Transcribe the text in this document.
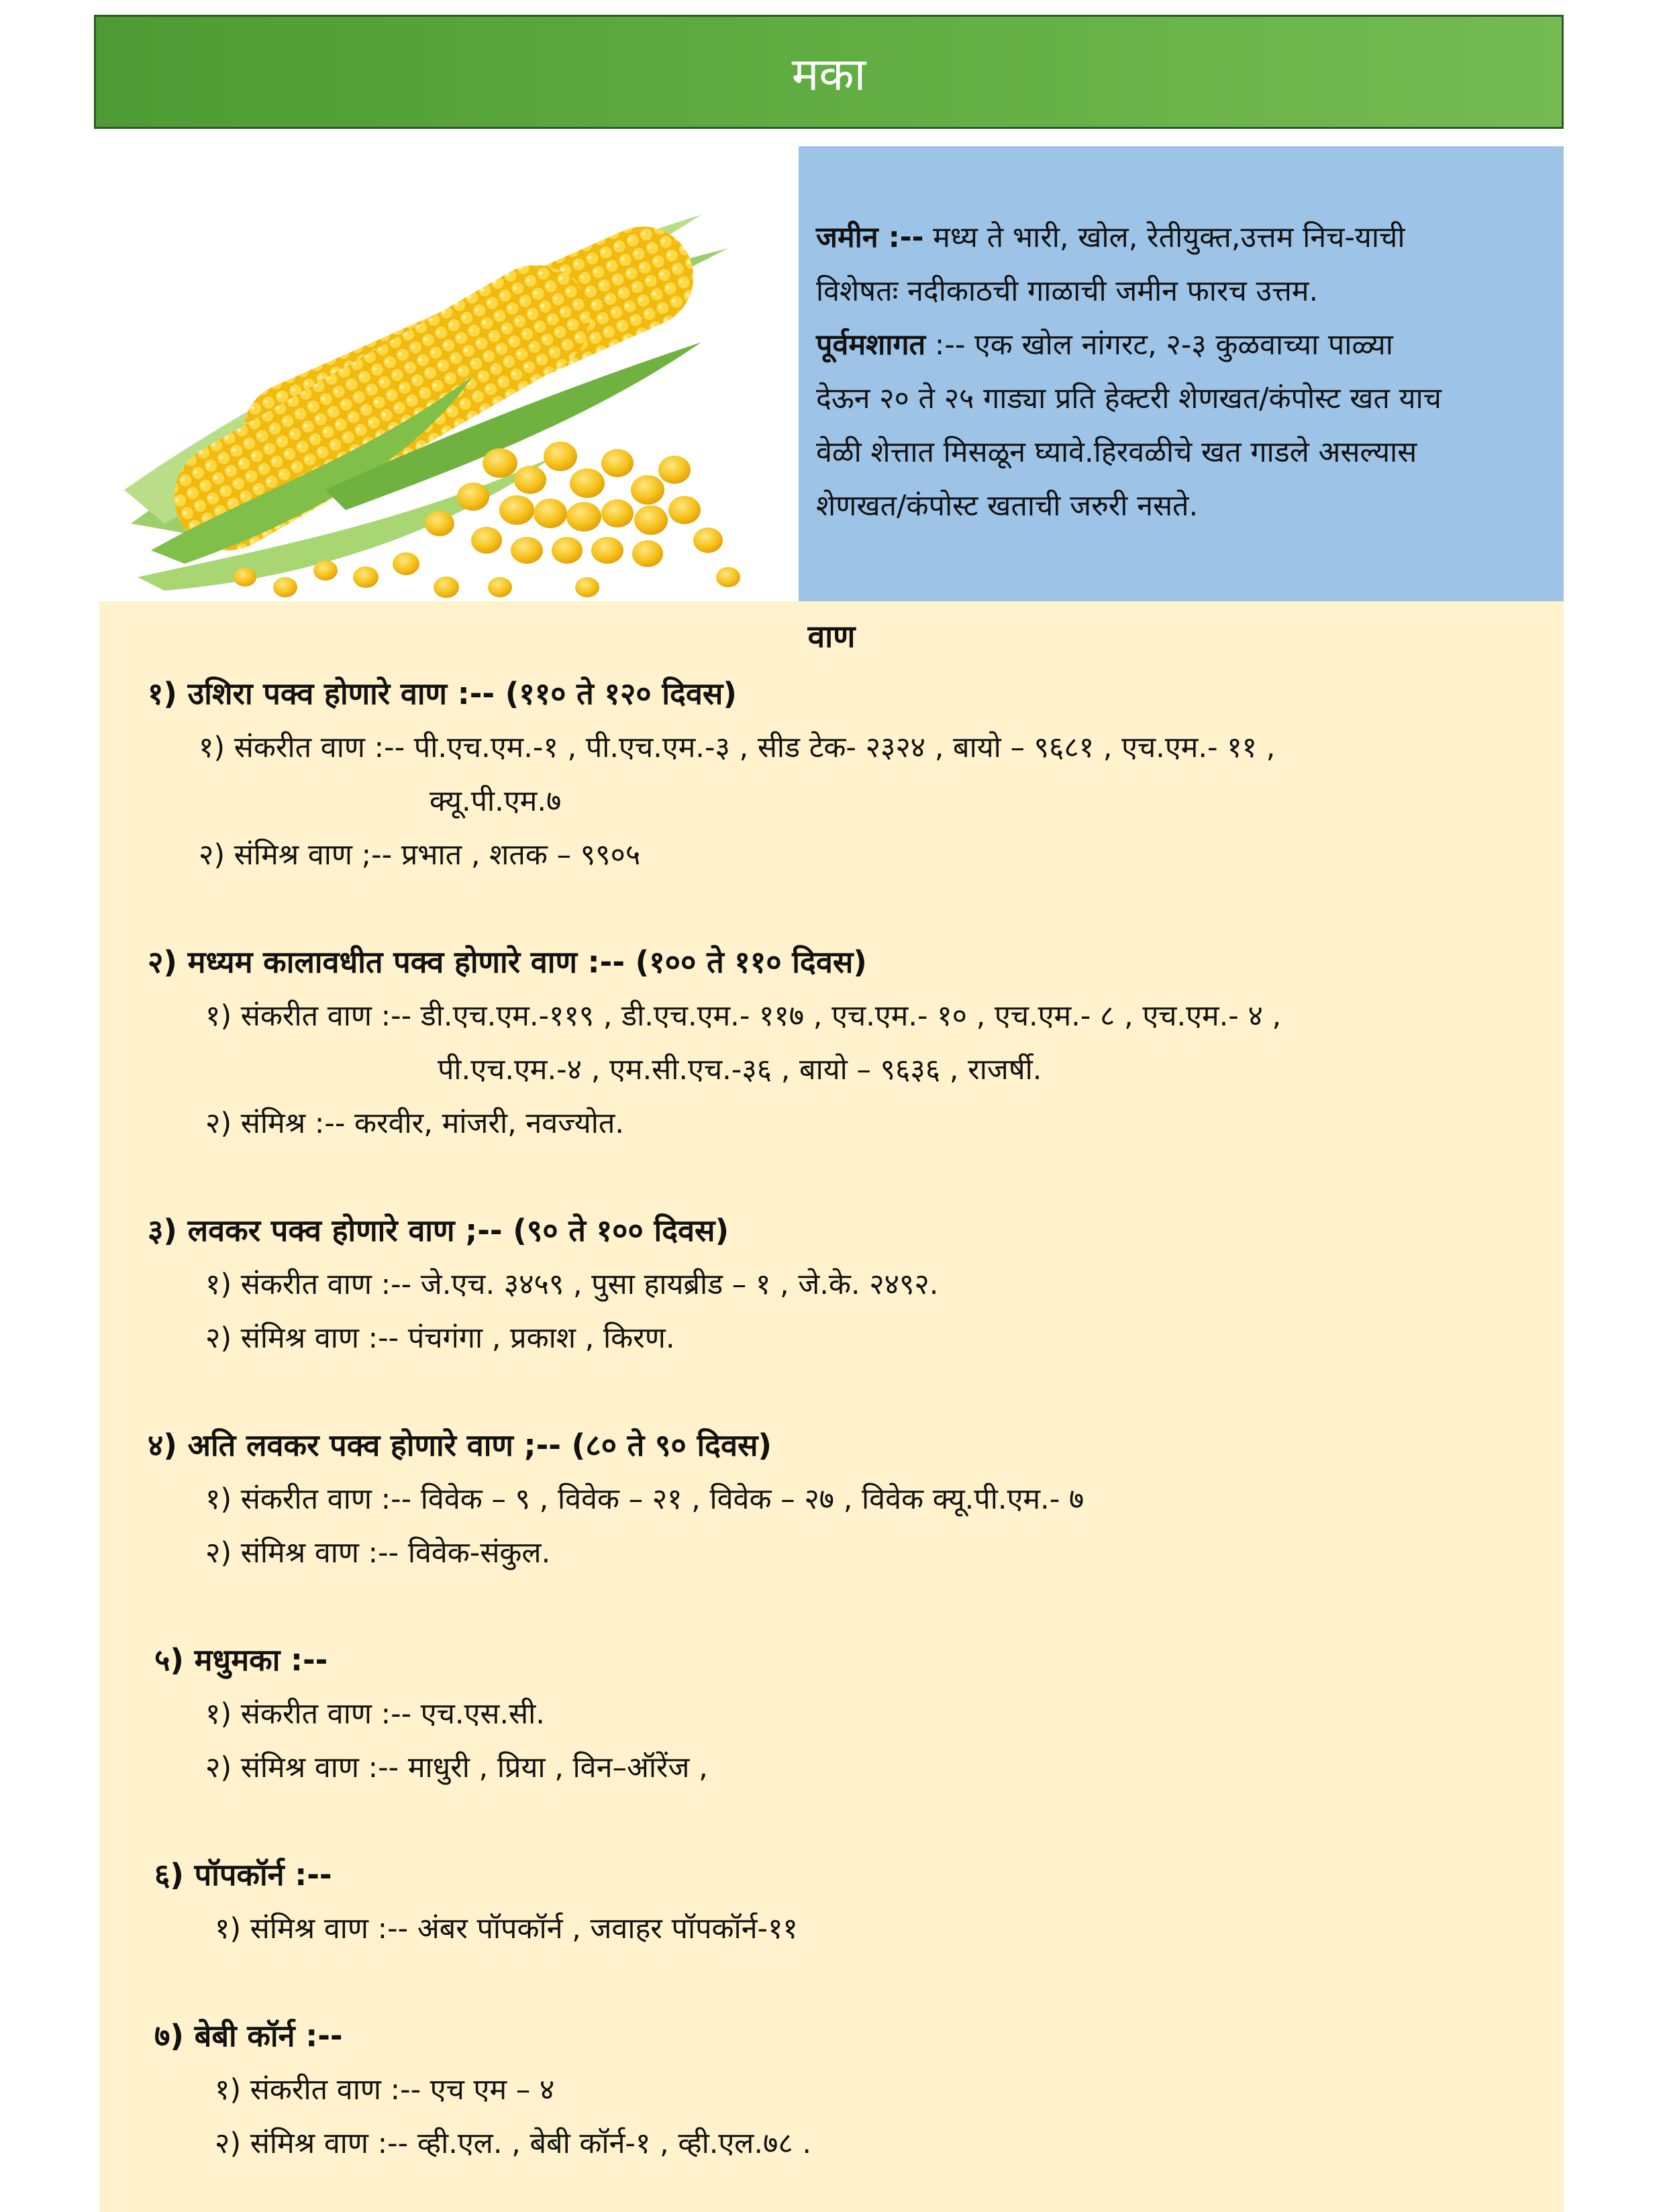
मका

जमीन :-- मध्य ते भारी, खोल, रेतीयुक्त,उत्तम निच-याची

विशेषतः नदीकाठची गाळाची जमीन फारच उत्तम.

पूर्वमशागत :-- एक खोल नांगरट, २-३ कुळवाच्या पाळ्या

देऊन २० ते २५ गाड्या प्रति हेक्टरी शेणखत/कंपोस्ट खत याच

वेळी शेत्तात मिसळून घ्यावे.हिरवळीचे खत गाडले असल्यास

शेणखत/कंपोस्ट खताची जरुरी नसते.

वाण
१) उशिरा पक्व होणारे वाण :-- (११० ते १२० दिवस)
१) संकरीत वाण :-- पी.एच.एम.-१ , पी.एच.एम.-३ , सीड टेक- २३२४ , बायो – ९६८१ , एच.एम.- ११ ,
क्यू.पी.एम.७
२) संमिश्र वाण ;-- प्रभात , शतक – ९९०५
२) मध्यम कालावधीत पक्व होणारे वाण :-- (१०० ते ११० दिवस)
१) संकरीत वाण :-- डी.एच.एम.-११९ , डी.एच.एम.- ११७ , एच.एम.- १० , एच.एम.- ८ , एच.एम.- ४ ,
पी.एच.एम.-४ , एम.सी.एच.-३६ , बायो – ९६३६ , राजर्षी.
२) संमिश्र :-- करवीर, मांजरी, नवज्योत.
३) लवकर पक्व होणारे वाण ;-- (९० ते १०० दिवस)
१) संकरीत वाण :-- जे.एच. ३४५९ , पुसा हायब्रीड – १ , जे.के. २४९२.
२) संमिश्र वाण :-- पंचगंगा , प्रकाश , किरण.
४) अति लवकर पक्व होणारे वाण ;-- (८० ते ९० दिवस)
१) संकरीत वाण :-- विवेक – ९ , विवेक – २१ , विवेक – २७ , विवेक क्यू.पी.एम.- ७
२) संमिश्र वाण :-- विवेक-संकुल.
५) मधुमका :--
१) संकरीत वाण :-- एच.एस.सी.
२) संमिश्र वाण :-- माधुरी , प्रिया , विन–ऑरेंज ,
६) पॉपकॉर्न :--
१) संमिश्र वाण :-- अंबर पॉपकॉर्न , जवाहर पॉपकॉर्न-११
७) बेबी कॉर्न :--
१) संकरीत वाण :-- एच एम – ४
२) संमिश्र वाण :-- व्ही.एल. , बेबी कॉर्न-१ , व्ही.एल.७८ .
